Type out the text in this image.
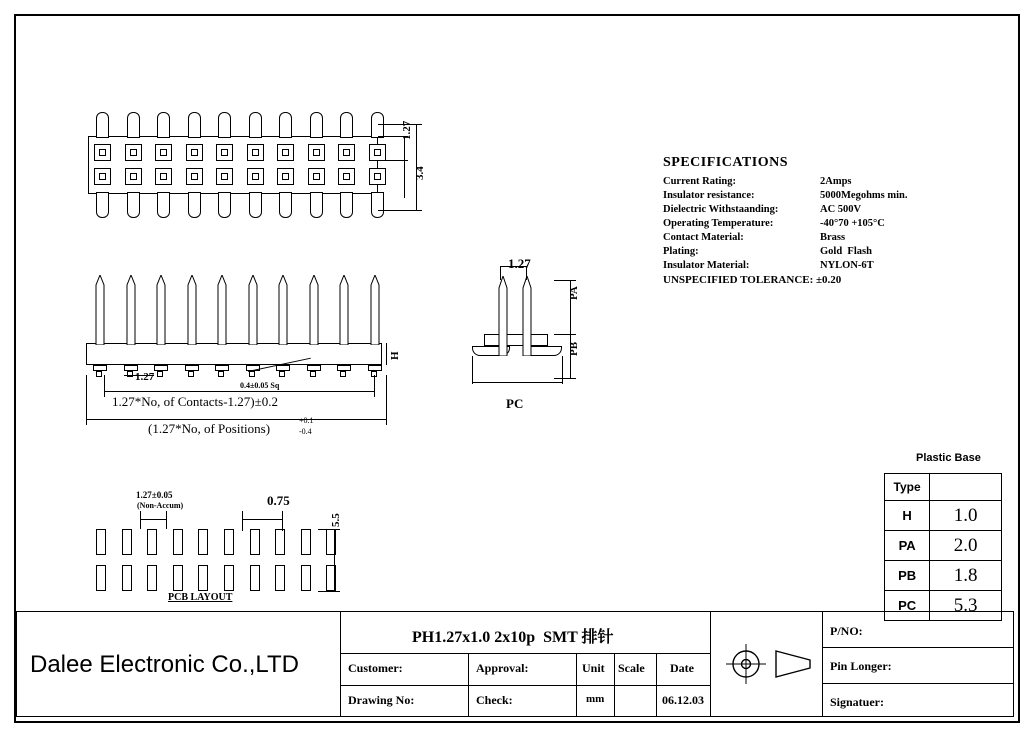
1.27
3.4
H
1.27
0.4±0.05 Sq
1.27*No, of Contacts-1.27)±0.2
(1.27*No, of Positions)
+0.1
-0.4
1.27
PA
PB
PC
1.27±0.05
(Non-Accum)	0.75
5.5
PCB LAYOUT
SPECIFICATIONS
Current Rating:	2Amps
Insulator resistance:	5000Megohms min.
Dielectric Withstaanding:	AC 500V
Operating Temperature:	-40°70 +105°C
Contact Material:	Brass
Plating:	Gold  Flash
Insulator Material:	NYLON-6T
UNSPECIFIED TOLERANCE: ±0.20
Plastic Base
Type	
H	1.0
PA	2.0
PB	1.8
PC	5.3
Dalee Electronic Co.,LTD
PH1.27x1.0 2x10p  SMT 排针
Customer:	Approval:	Unit Scale Date
Drawing No:	Check:	mm	06.12.03
P/NO:
Pin Longer:
Signatuer:
